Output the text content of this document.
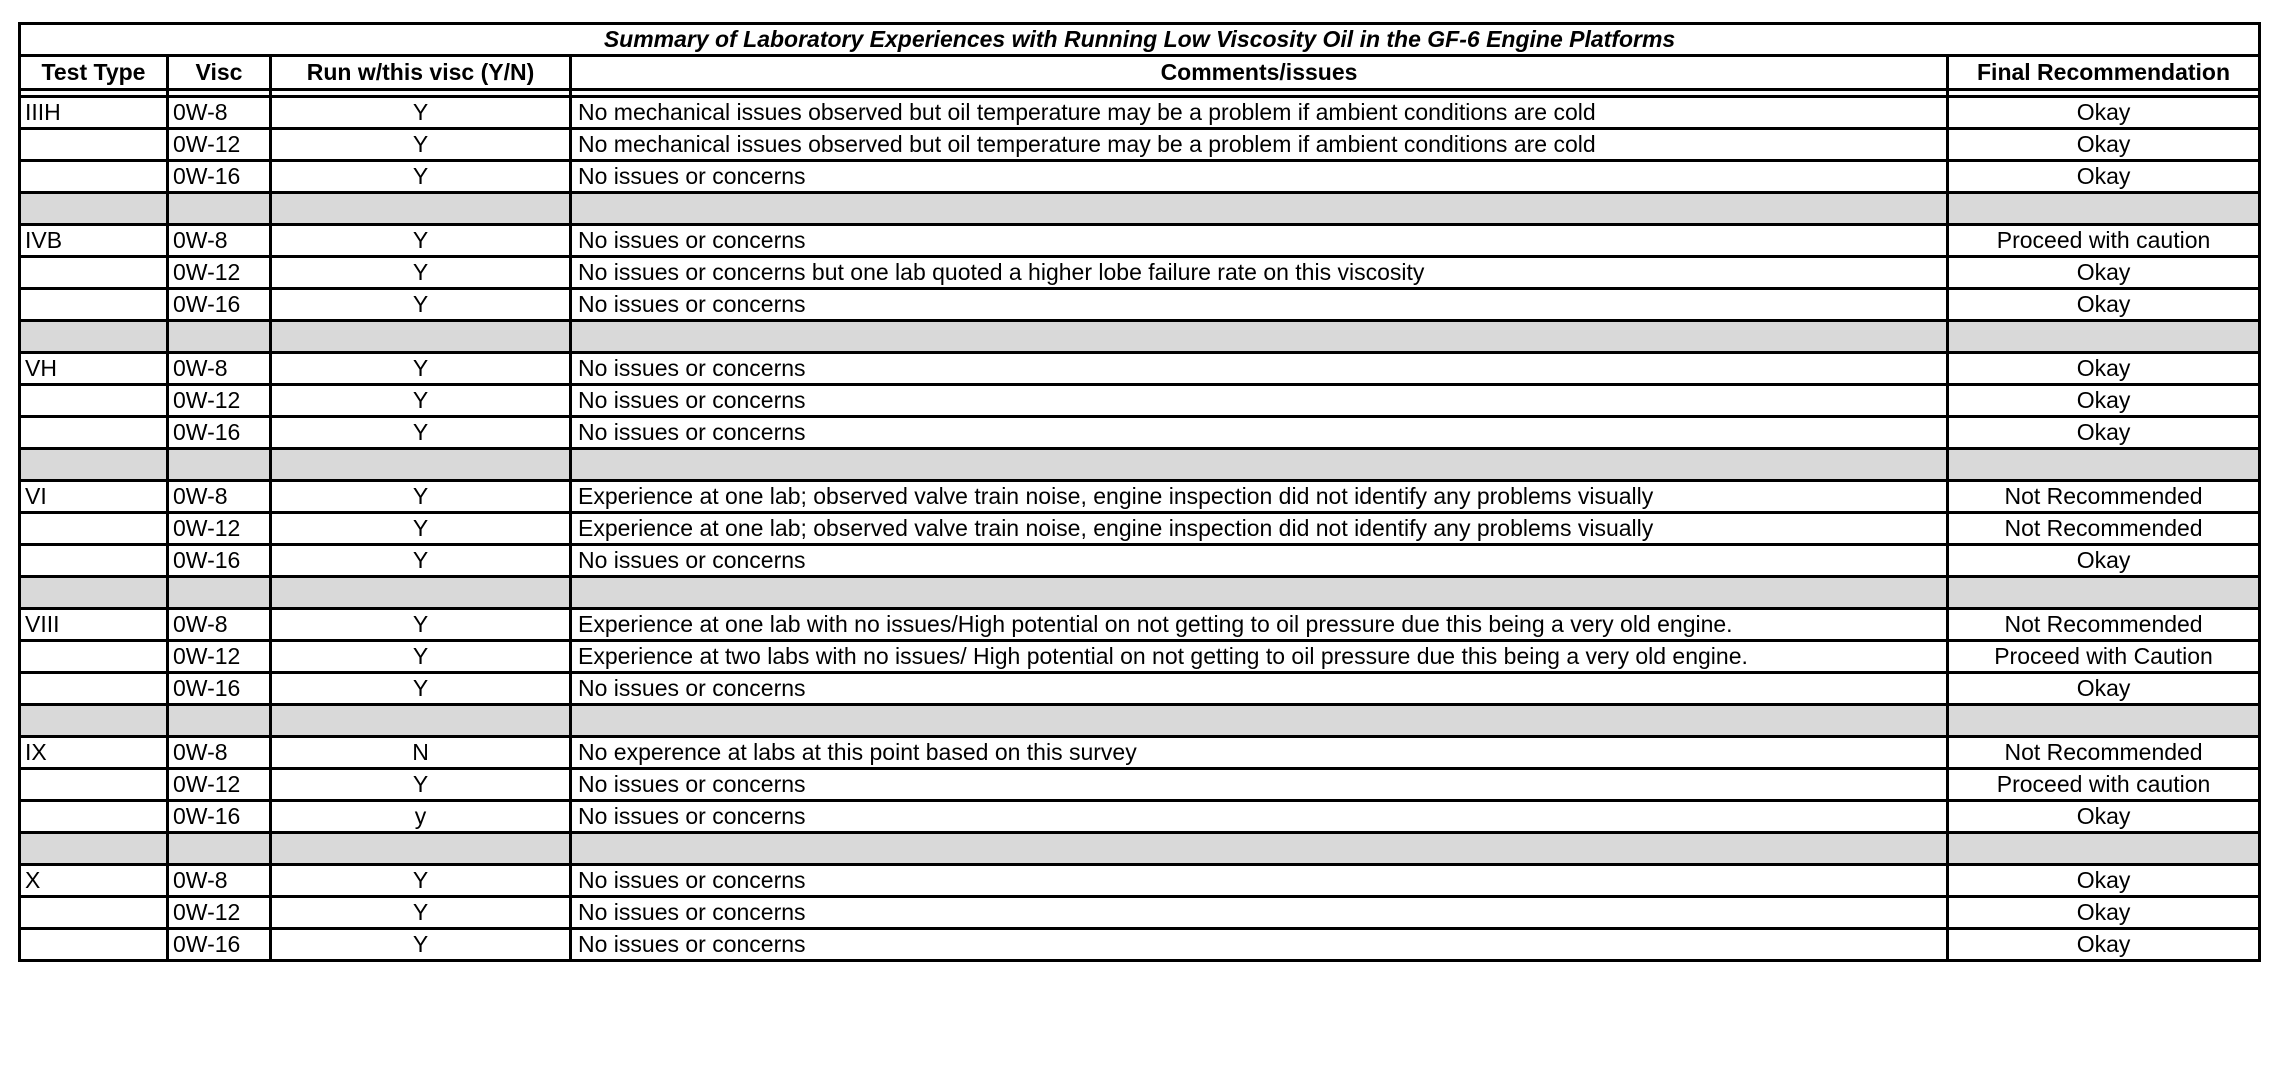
Summary of Laboratory Experiences with Running Low Viscosity Oil in the GF-6 Engine Platforms				
Test Type	Visc	Run w/this visc (Y/N)	Comments/issues	Final Recommendation

IIIH	0W-8	Y	No mechanical issues observed but oil temperature may be a problem if ambient conditions are cold	Okay
	0W-12	Y	No mechanical issues observed but oil temperature may be a problem if ambient conditions are cold	Okay
	0W-16	Y	No issues or concerns	Okay

IVB	0W-8	Y	No issues or concerns	Proceed with caution
	0W-12	Y	No issues or concerns but one lab quoted a higher lobe failure rate on this viscosity	Okay
	0W-16	Y	No issues or concerns	Okay

VH	0W-8	Y	No issues or concerns	Okay
	0W-12	Y	No issues or concerns	Okay
	0W-16	Y	No issues or concerns	Okay

VI	0W-8	Y	Experience at one lab; observed valve train noise, engine inspection did not identify any problems visually	Not Recommended
	0W-12	Y	Experience at one lab; observed valve train noise, engine inspection did not identify any problems visually	Not Recommended
	0W-16	Y	No issues or concerns	Okay

VIII	0W-8	Y	Experience at one lab with no issues/High potential on not getting to oil pressure due this being a very old engine.	Not Recommended
	0W-12	Y	Experience at two labs with no issues/ High potential on not getting to oil pressure due this being a very old engine.	Proceed with Caution
	0W-16	Y	No issues or concerns	Okay

IX	0W-8	N	No experence at labs at this point based on this survey	Not Recommended
	0W-12	Y	No issues or concerns	Proceed with caution
	0W-16	y	No issues or concerns	Okay

X	0W-8	Y	No issues or concerns	Okay
	0W-12	Y	No issues or concerns	Okay
	0W-16	Y	No issues or concerns	Okay
